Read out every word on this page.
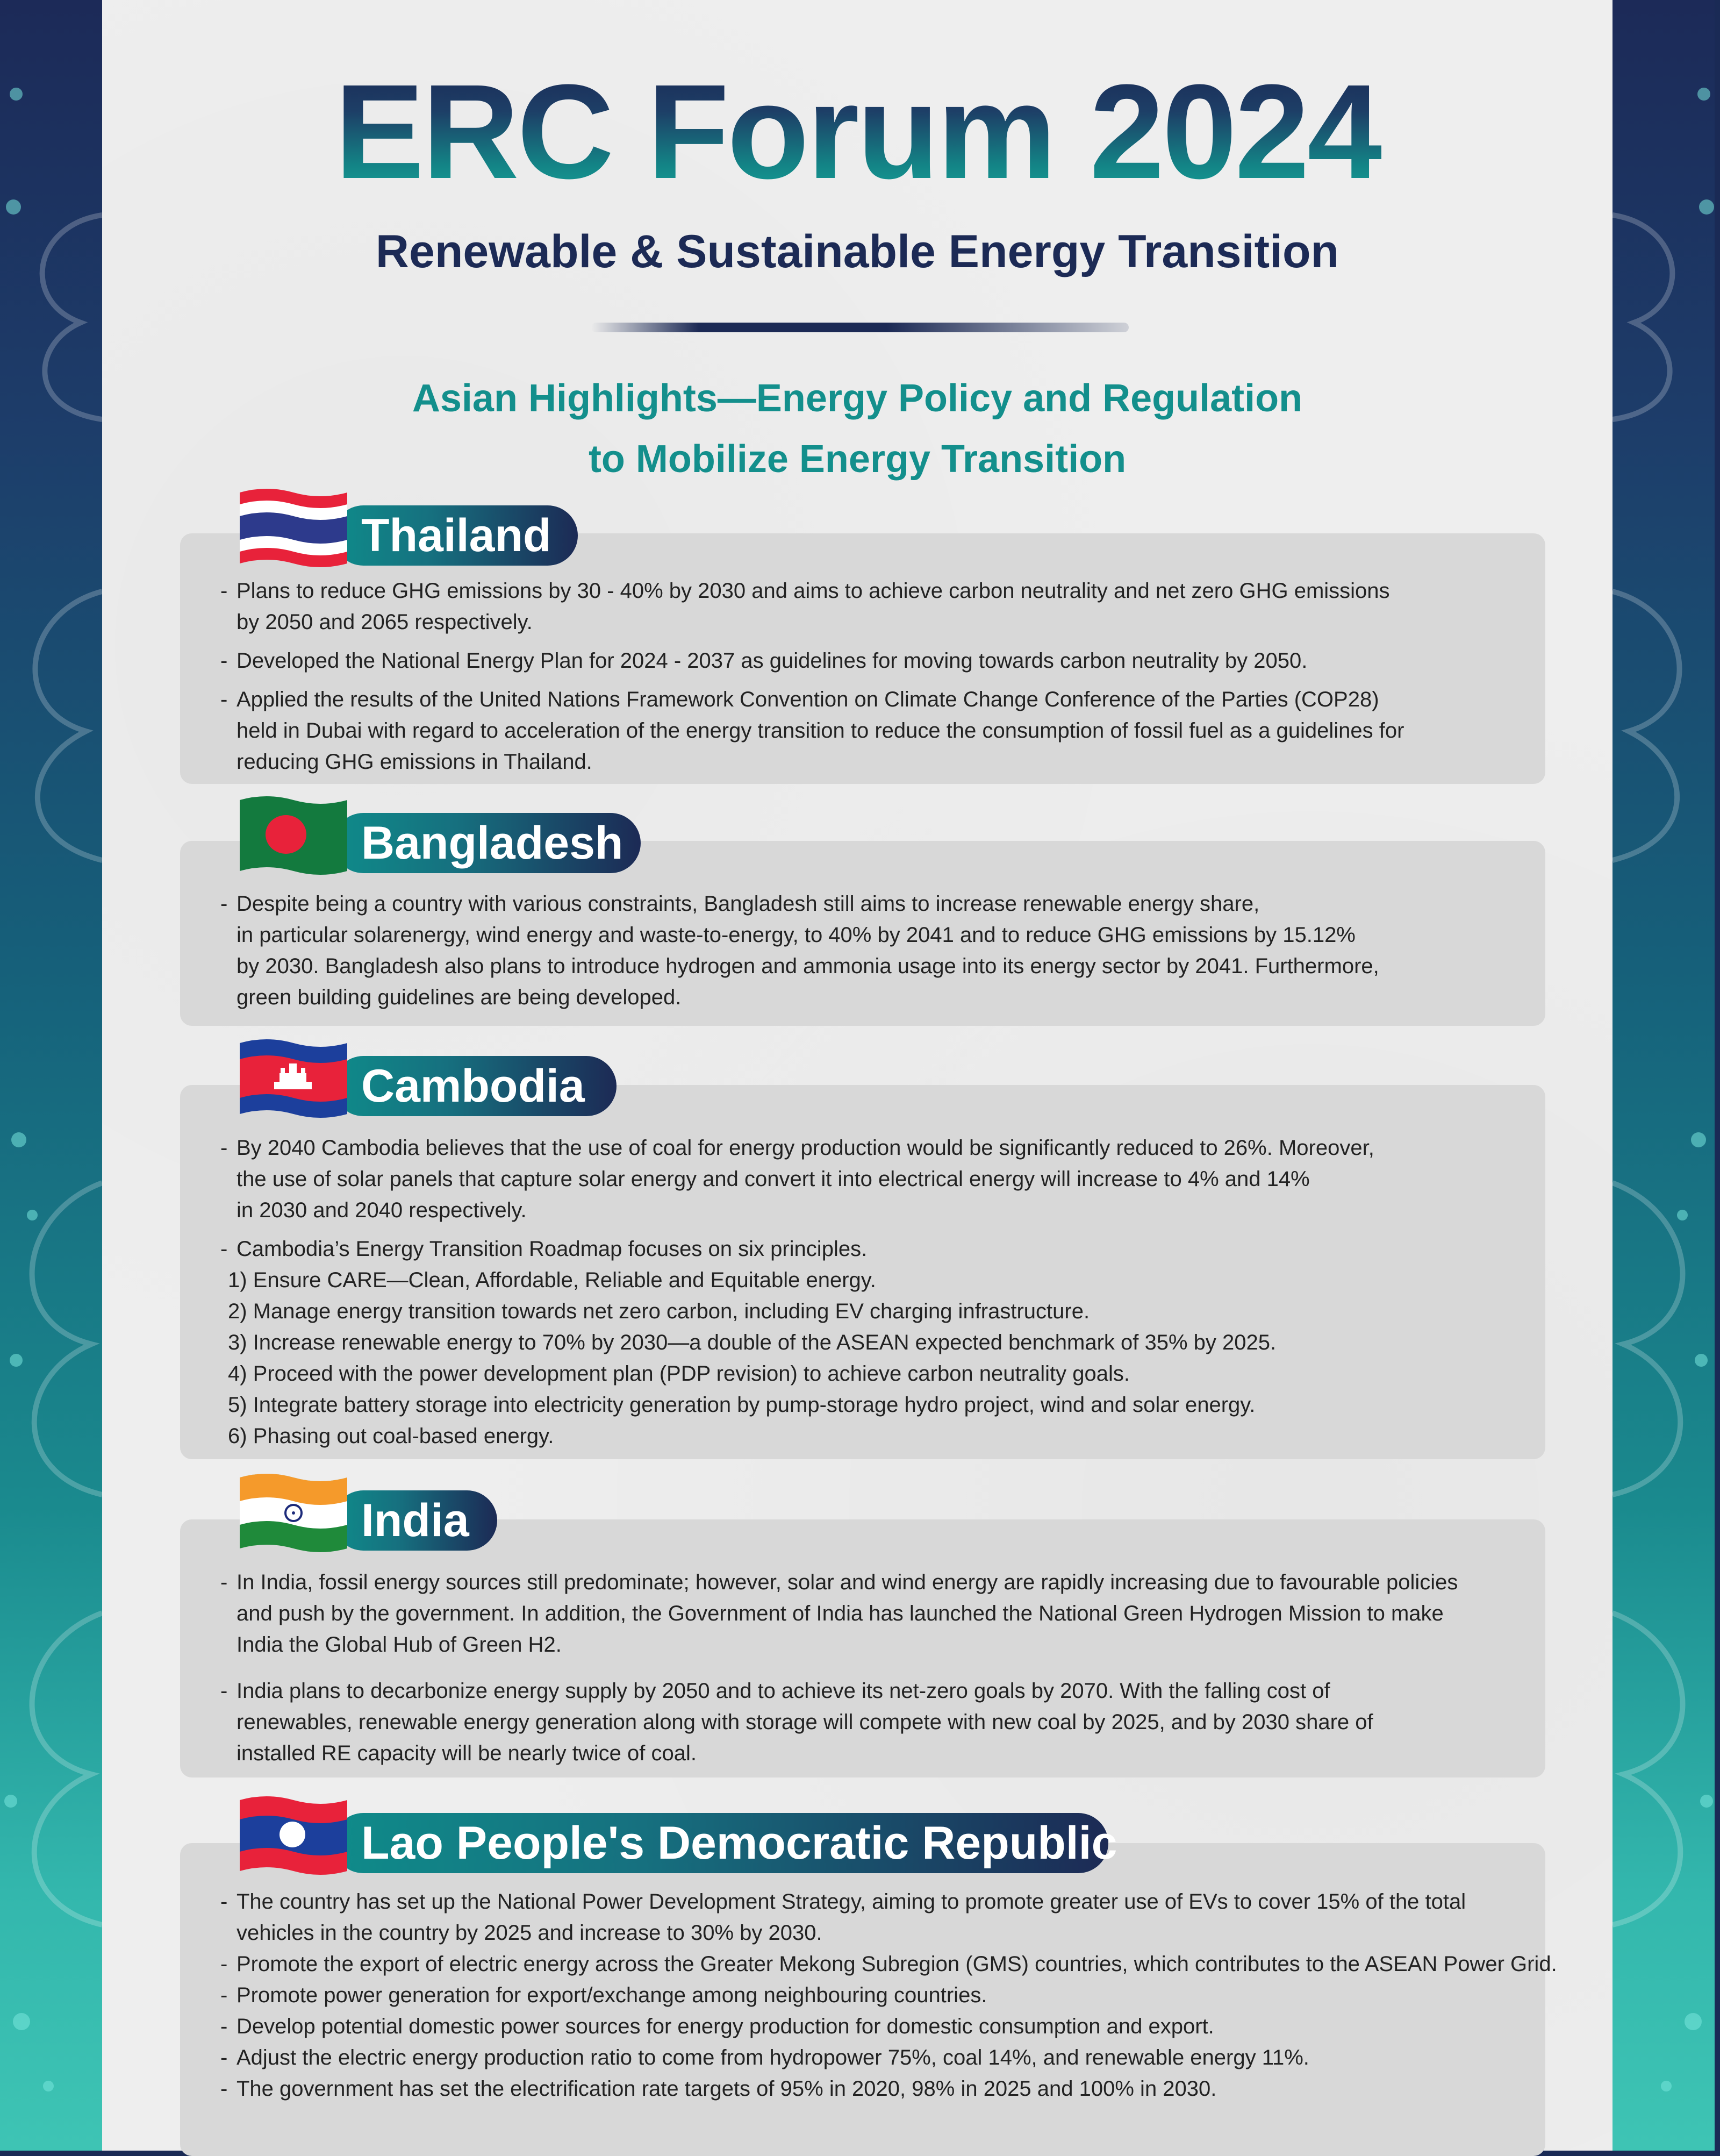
ERC Forum 2024
Renewable & Sustainable Energy Transition
Asian Highlights—Energy Policy and Regulation
to Mobilize Energy Transition
Thailand
- Plans to reduce GHG emissions by 30 - 40% by 2030 and aims to achieve carbon neutrality and net zero GHG emissions
by 2050 and 2065 respectively.
- Developed the National Energy Plan for 2024 - 2037 as guidelines for moving towards carbon neutrality by 2050.
- Applied the results of the United Nations Framework Convention on Climate Change Conference of the Parties (COP28)
held in Dubai with regard to acceleration of the energy transition to reduce the consumption of fossil fuel as a guidelines for
reducing GHG emissions in Thailand.
Bangladesh
- Despite being a country with various constraints, Bangladesh still aims to increase renewable energy share,
in particular solarenergy, wind energy and waste-to-energy, to 40% by 2041 and to reduce GHG emissions by 15.12%
by 2030. Bangladesh also plans to introduce hydrogen and ammonia usage into its energy sector by 2041. Furthermore,
green building guidelines are being developed.
Cambodia
- By 2040 Cambodia believes that the use of coal for energy production would be significantly reduced to 26%. Moreover,
the use of solar panels that capture solar energy and convert it into electrical energy will increase to 4% and 14%
in 2030 and 2040 respectively.
- Cambodia’s Energy Transition Roadmap focuses on six principles.
1) Ensure CARE—Clean, Affordable, Reliable and Equitable energy.
2) Manage energy transition towards net zero carbon, including EV charging infrastructure.
3) Increase renewable energy to 70% by 2030—a double of the ASEAN expected benchmark of 35% by 2025.
4) Proceed with the power development plan (PDP revision) to achieve carbon neutrality goals.
5) Integrate battery storage into electricity generation by pump-storage hydro project, wind and solar energy.
6) Phasing out coal-based energy.
India
- In India, fossil energy sources still predominate; however, solar and wind energy are rapidly increasing due to favourable policies
and push by the government. In addition, the Government of India has launched the National Green Hydrogen Mission to make
India the Global Hub of Green H2.
- India plans to decarbonize energy supply by 2050 and to achieve its net-zero goals by 2070. With the falling cost of
renewables, renewable energy generation along with storage will compete with new coal by 2025, and by 2030 share of
installed RE capacity will be nearly twice of coal.
Lao People's Democratic Republic
- The country has set up the National Power Development Strategy, aiming to promote greater use of EVs to cover 15% of the total
vehicles in the country by 2025 and increase to 30% by 2030.
- Promote the export of electric energy across the Greater Mekong Subregion (GMS) countries, which contributes to the ASEAN Power Grid.
- Promote power generation for export/exchange among neighbouring countries.
- Develop potential domestic power sources for energy production for domestic consumption and export.
- Adjust the electric energy production ratio to come from hydropower 75%, coal 14%, and renewable energy 11%.
- The government has set the electrification rate targets of 95% in 2020, 98% in 2025 and 100% in 2030.
